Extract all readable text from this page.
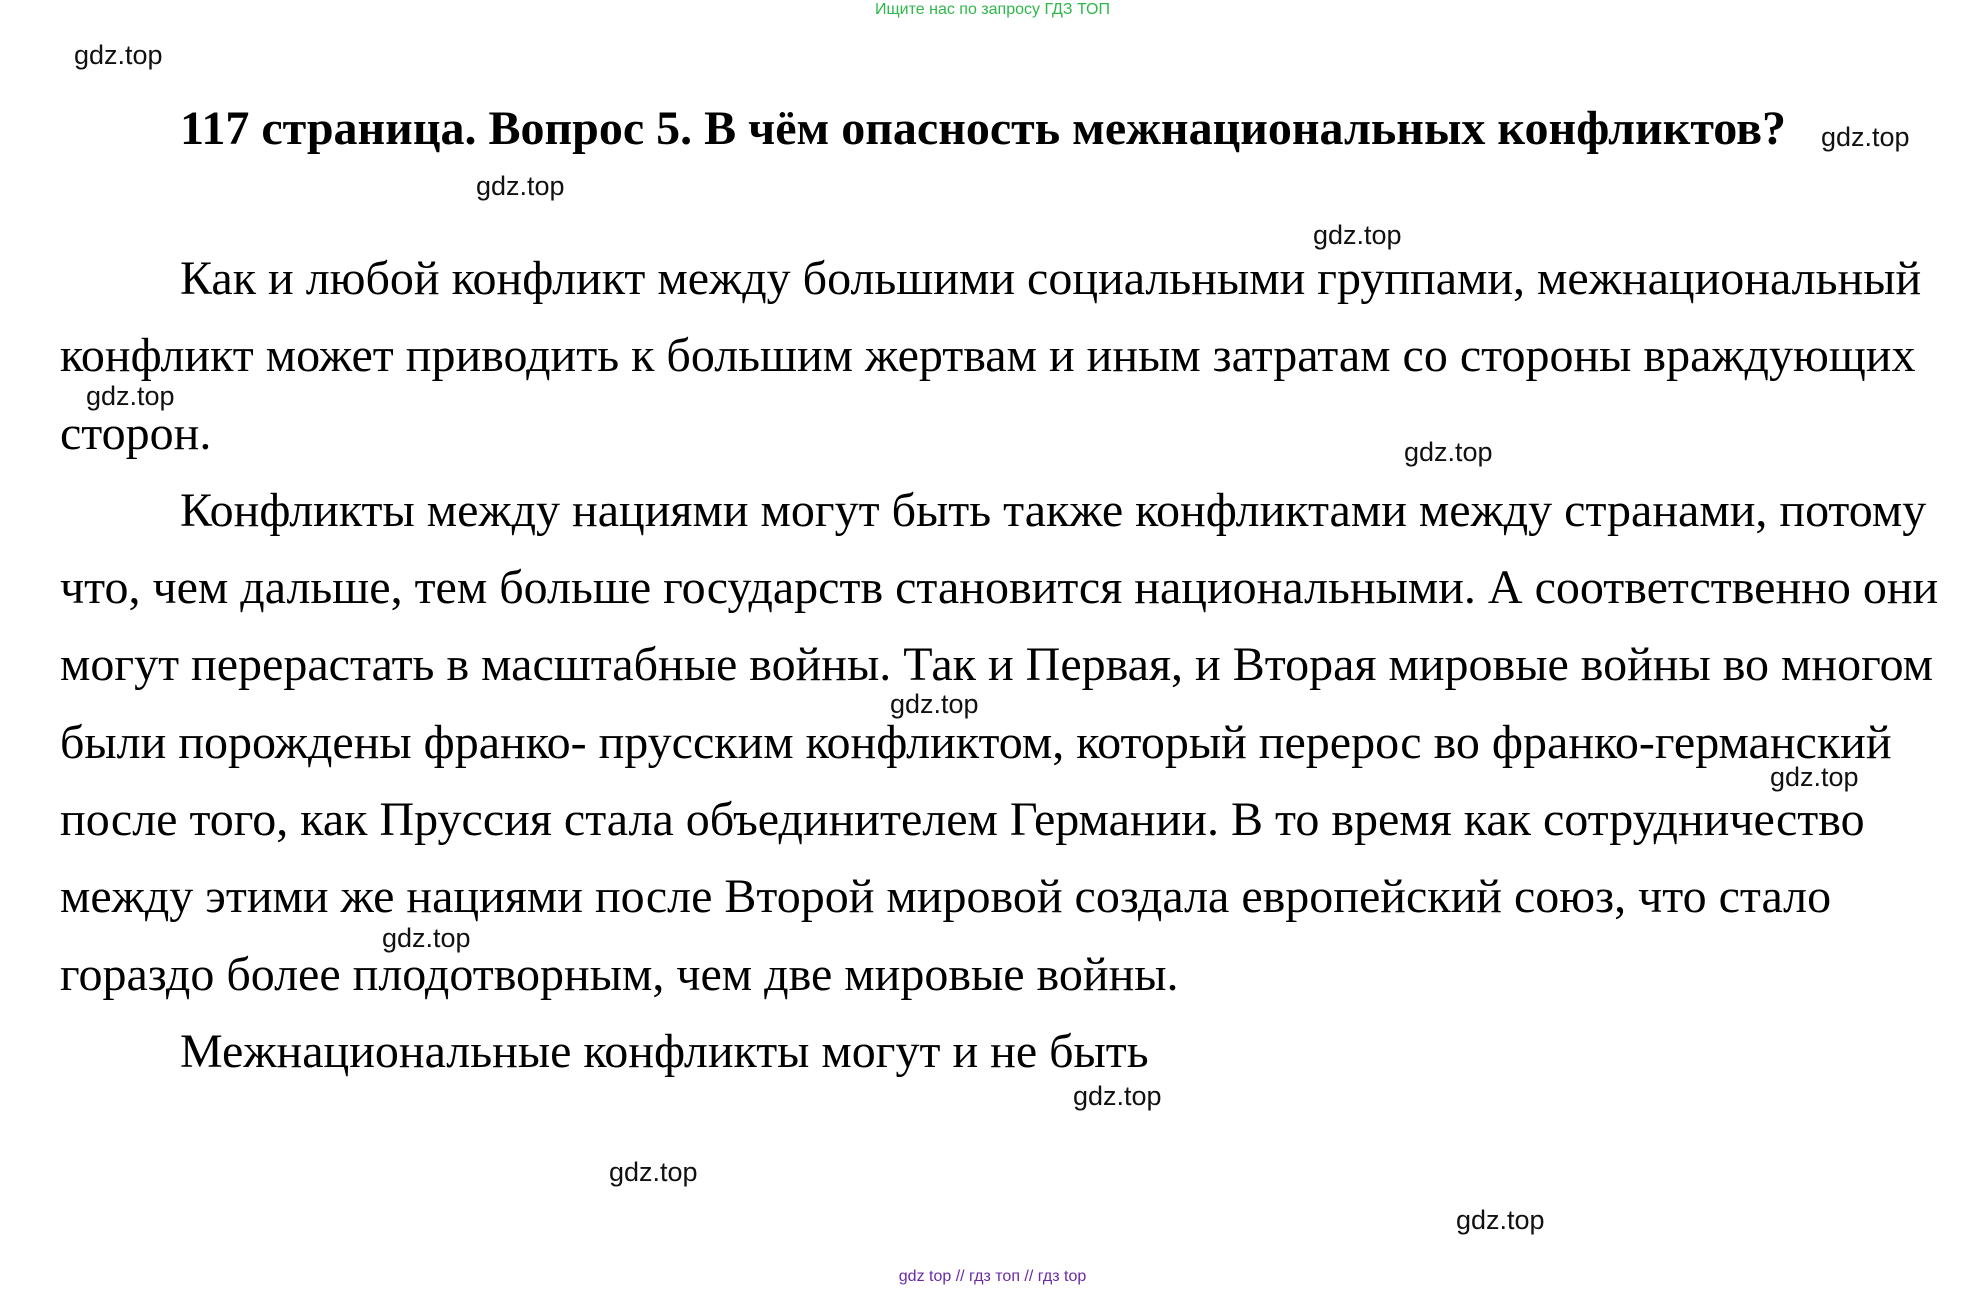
Ищите нас по запросу ГДЗ ТОП
117 страница. Вопрос 5. В чём опасность межнациональных конфликтов?

Как и любой конфликт между большими социальными группами, межнациональный конфликт может приводить к большим жертвам и иным затратам со стороны враждующих сторон.

Конфликты между нациями могут быть также конфликтами между странами, потому что, чем дальше, тем больше государств становится национальными. А соответственно они могут перерастать в масштабные войны. Так и Первая, и Вторая мировые войны во многом были порождены франко- прусским конфликтом, который перерос во франко-германский после того, как Пруссия стала объединителем Германии. В то время как сотрудничество между этими же нациями после Второй мировой создала европейский союз, что стало гораздо более плодотворным, чем две мировые войны.

Межнациональные конфликты могут и не быть

gdz.top
gdz.top
gdz.top
gdz.top
gdz.top
gdz.top
gdz.top
gdz.top
gdz.top
gdz.top
gdz.top
gdz.top
gdz top // гдз топ // гдз top
